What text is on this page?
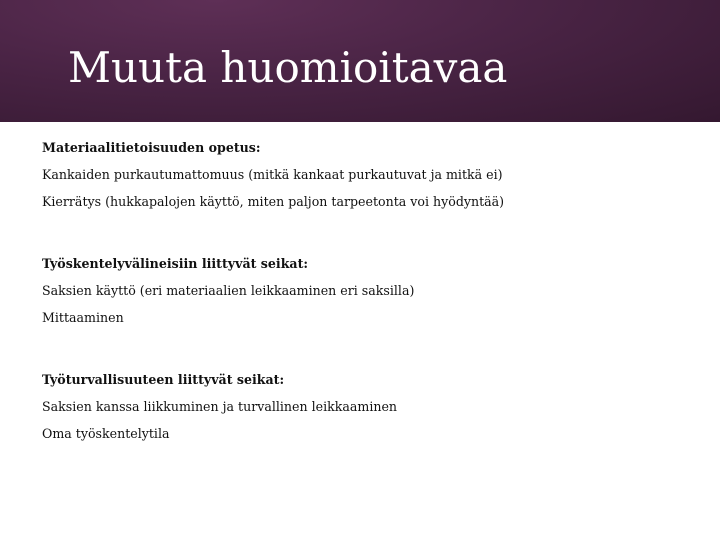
Muuta huomioitavaa

Materiaalitietoisuuden opetus:

Kankaiden purkautumattomuus (mitkä kankaat purkautuvat ja mitkä ei)

Kierrätys (hukkapalojen käyttö, miten paljon tarpeetonta voi hyödyntää)

Työskentelyvälineisiin liittyvät seikat:

Saksien käyttö (eri materiaalien leikkaaminen eri saksilla)

Mittaaminen

Työturvallisuuteen liittyvät seikat:

Saksien kanssa liikkuminen ja turvallinen leikkaaminen

Oma työskentelytila
